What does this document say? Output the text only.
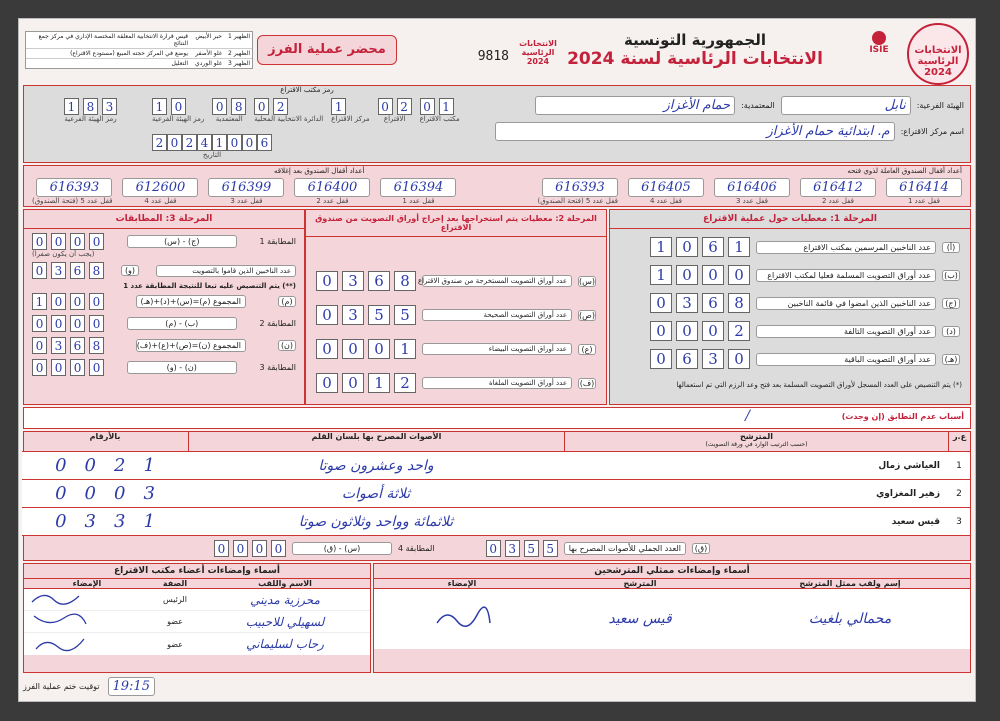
الانتخابات الرئاسية 2024
ISIE
الجمهورية التونسية
الانتخابات الرئاسية لسنة 2024
الانتخابات الرئاسية 2024
9818
محضر عملية الفرز
الظهير 1
حبر الأبيض
قيس قرارة الانتخابية المعلقة المختصة الإداري في مركز جمع النتائج
الظهير 2
غلو الأصفر
يوضع في المركز حجته المبيع (مستودع الاقتراع)
الظهير 3
غلو الوردي
التعليل
الهيئة الفرعية:
نابل
المعتمدية:
حمام الأغزاز
اسم مركز الاقتراع:
م. ابتدائية حمام الأغزاز
رمز مكتب الاقتراع
1 0
رمز الهيئة الفرعية
0 8
المعتمدية
0 2
الدائرة الانتخابية المحلية
1
مركز الاقتراع
0 2
الاقتراع
0 1
مكتب الاقتراع
1 8 3
رمز الهيئة الفرعية
2 0 2 4 1 0 0 6
التاريخ
أعداد أقفال الصندوق العاملة لذوي فتحه
أعداد أقفال الصندوق بعد إغلاقه
616414
قفل عدد 1
616412
قفل عدد 2
616406
قفل عدد 3
616405
قفل عدد 4
616393
قفل عدد 5 (فتحة الصندوق)
616394
قفل عدد 1
616400
قفل عدد 2
616399
قفل عدد 3
612600
قفل عدد 4
616393
قفل عدد 5 (فتحة الصندوق)
المرحلة 1: معطيات حول عملية الاقتراع
(أ)
عدد الناخبين المرسمين بمكتب الاقتراع
1	0	6	1
(ب)
عدد أوراق التصويت المسلمة فعليا لمكتب الاقتراع
1	0	0	0
(ج)
عدد الناخبين الذين امضوا في قائمة الناخبين
0	3	6	8
(د)
عدد أوراق التصويت التالفة
0	0	0	2
(هـ)
عدد أوراق التصويت الباقية
0	6	3	0
(*) يتم التنصيص على العدد المسجل لأوراق التصويت المسلمة بعد فتح وعد الرزم التي تم استعمالها
المرحلة 2: معطيات يتم استخراجها بعد إخراج أوراق التصويت من صندوق الاقتراع
(س)
عدد أوراق التصويت المستخرجة من صندوق الاقتراع
0	3	6	8
(ص)
عدد أوراق التصويت الصحيحة
0	3	5	5
(ع)
عدد أوراق التصويت البيضاء
0	0	0	1
(ف)
عدد أوراق التصويت الملغاة
0	0	1	2
المرحلة 3: المطابقات
المطابقة 1
(ج) - (س)
0 0 0 0
(يجب أن يكون صفرا)
عدد الناخبين الذين قاموا بالتصويت
(و)
0 3 6 8
(**) يتم التنصيص عليه تبعا للنتيجة المطابقة عدد 1
(م)
المجموع (م)=(س)+(د)+(هـ)
1 0 0 0
المطابقة 2
(ب) - (م)
0 0 0 0
(ن)
المجموع (ن)=(ص)+(ع)+(ف)
0 3 6 8
المطابقة 3
(ن) - (و)
0 0 0 0
أسباب عدم التطابق (إن وجدت)
/
ع.ر
المترشح
(حسب الترتيب الوارد في ورقة التصويت)
الأصوات المصرح بها بلسان القلم
بالأرقام
1
العياشي زمال
واحد وعشرون صوتا
0 0 2 1
2
زهير المغزاوي
ثلاثة أصوات
0 0 0 3
3
قيس سعيد
ثلاثمائة وواحد وثلاثون صوتا
0 3 3 1
(ق)
العدد الجملي للأصوات المصرح بها
0 3 5 5
المطابقة 4
(س) - (ق)
0 0 0 0
أسماء وإمضاءات ممثلي المترشحين
إسم ولقب ممثل المترشح
المترشح
الإمضاء
محمالي بلغيث
قيس سعيد
أسماء وإمضاءات أعضاء مكتب الاقتراع
الاسم واللقب
الصفة
الإمضاء
الرئيس	محرزية مديني
عضو	لسهيلي للاحبيب
عضو	رحاب لسليماني
19:15
توقيت ختم عملية الفرز
